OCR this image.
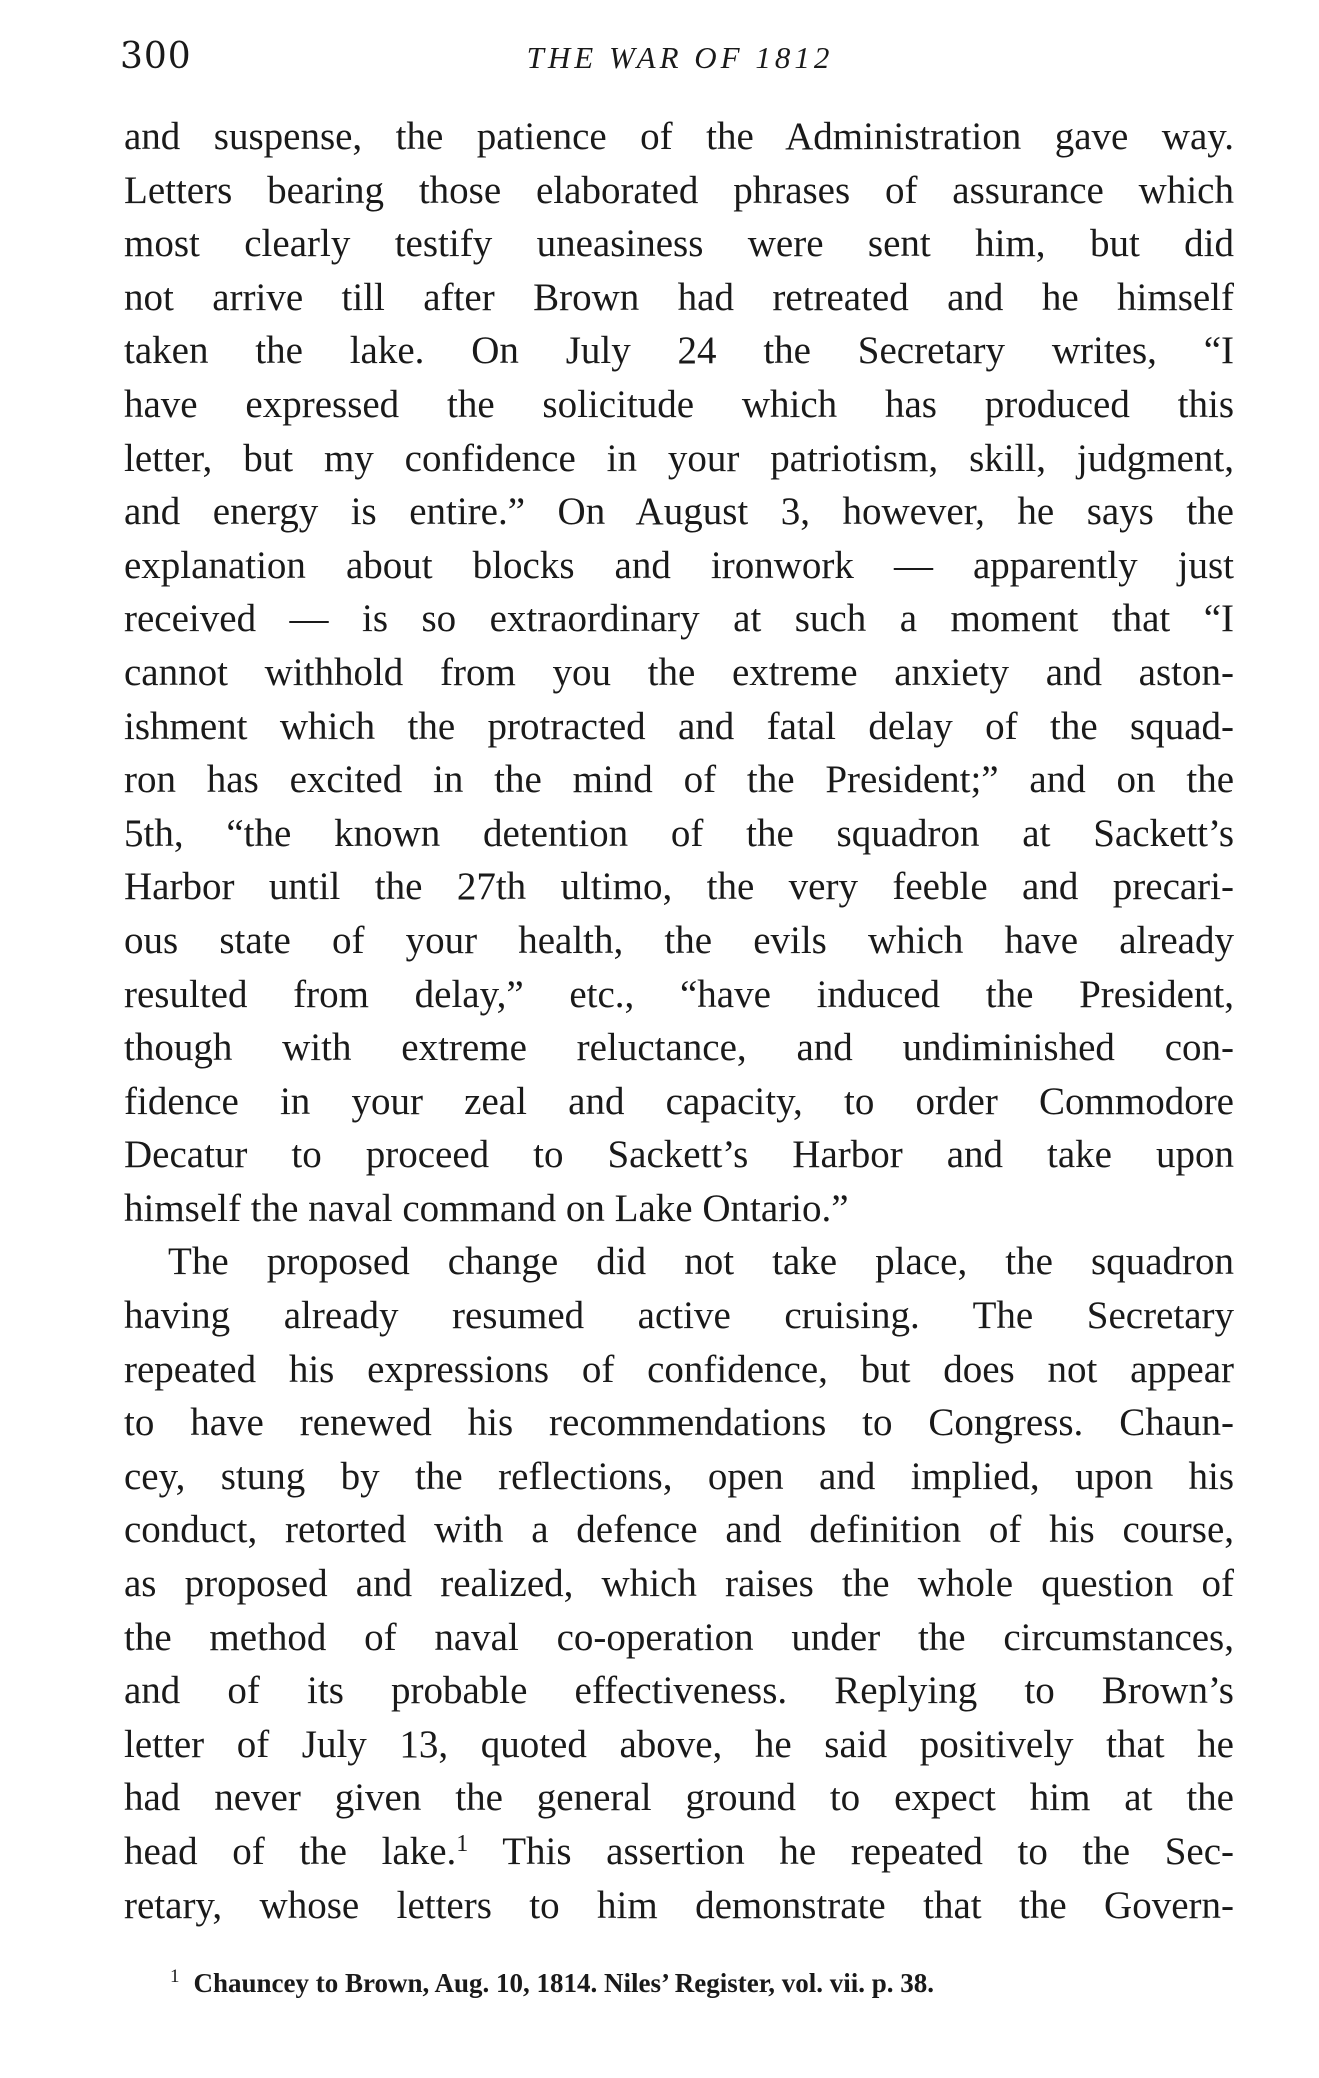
300	THE WAR OF 1812
and suspense, the patience of the Administration gave way.
Letters bearing those elaborated phrases of assurance which
most clearly testify uneasiness were sent him, but did
not arrive till after Brown had retreated and he himself
taken the lake. On July 24 the Secretary writes, “I
have expressed the solicitude which has produced this
letter, but my confidence in your patriotism, skill, judgment,
and energy is entire.” On August 3, however, he says the
explanation about blocks and ironwork — apparently just
received — is so extraordinary at such a moment that “I
cannot withhold from you the extreme anxiety and aston-
ishment which the protracted and fatal delay of the squad-
ron has excited in the mind of the President;” and on the
5th, “the known detention of the squadron at Sackett’s
Harbor until the 27th ultimo, the very feeble and precari-
ous state of your health, the evils which have already
resulted from delay,” etc., “have induced the President,
though with extreme reluctance, and undiminished con-
fidence in your zeal and capacity, to order Commodore
Decatur to proceed to Sackett’s Harbor and take upon
himself the naval command on Lake Ontario.”
The proposed change did not take place, the squadron
having already resumed active cruising. The Secretary
repeated his expressions of confidence, but does not appear
to have renewed his recommendations to Congress. Chaun-
cey, stung by the reflections, open and implied, upon his
conduct, retorted with a defence and definition of his course,
as proposed and realized, which raises the whole question of
the method of naval co-operation under the circumstances,
and of its probable effectiveness. Replying to Brown’s
letter of July 13, quoted above, he said positively that he
had never given the general ground to expect him at the
head of the lake.$^1$ This assertion he repeated to the Sec-
retary, whose letters to him demonstrate that the Govern-
$^1$ Chauncey to Brown, Aug. 10, 1814. Niles’ Register, vol. vii. p. 38.
